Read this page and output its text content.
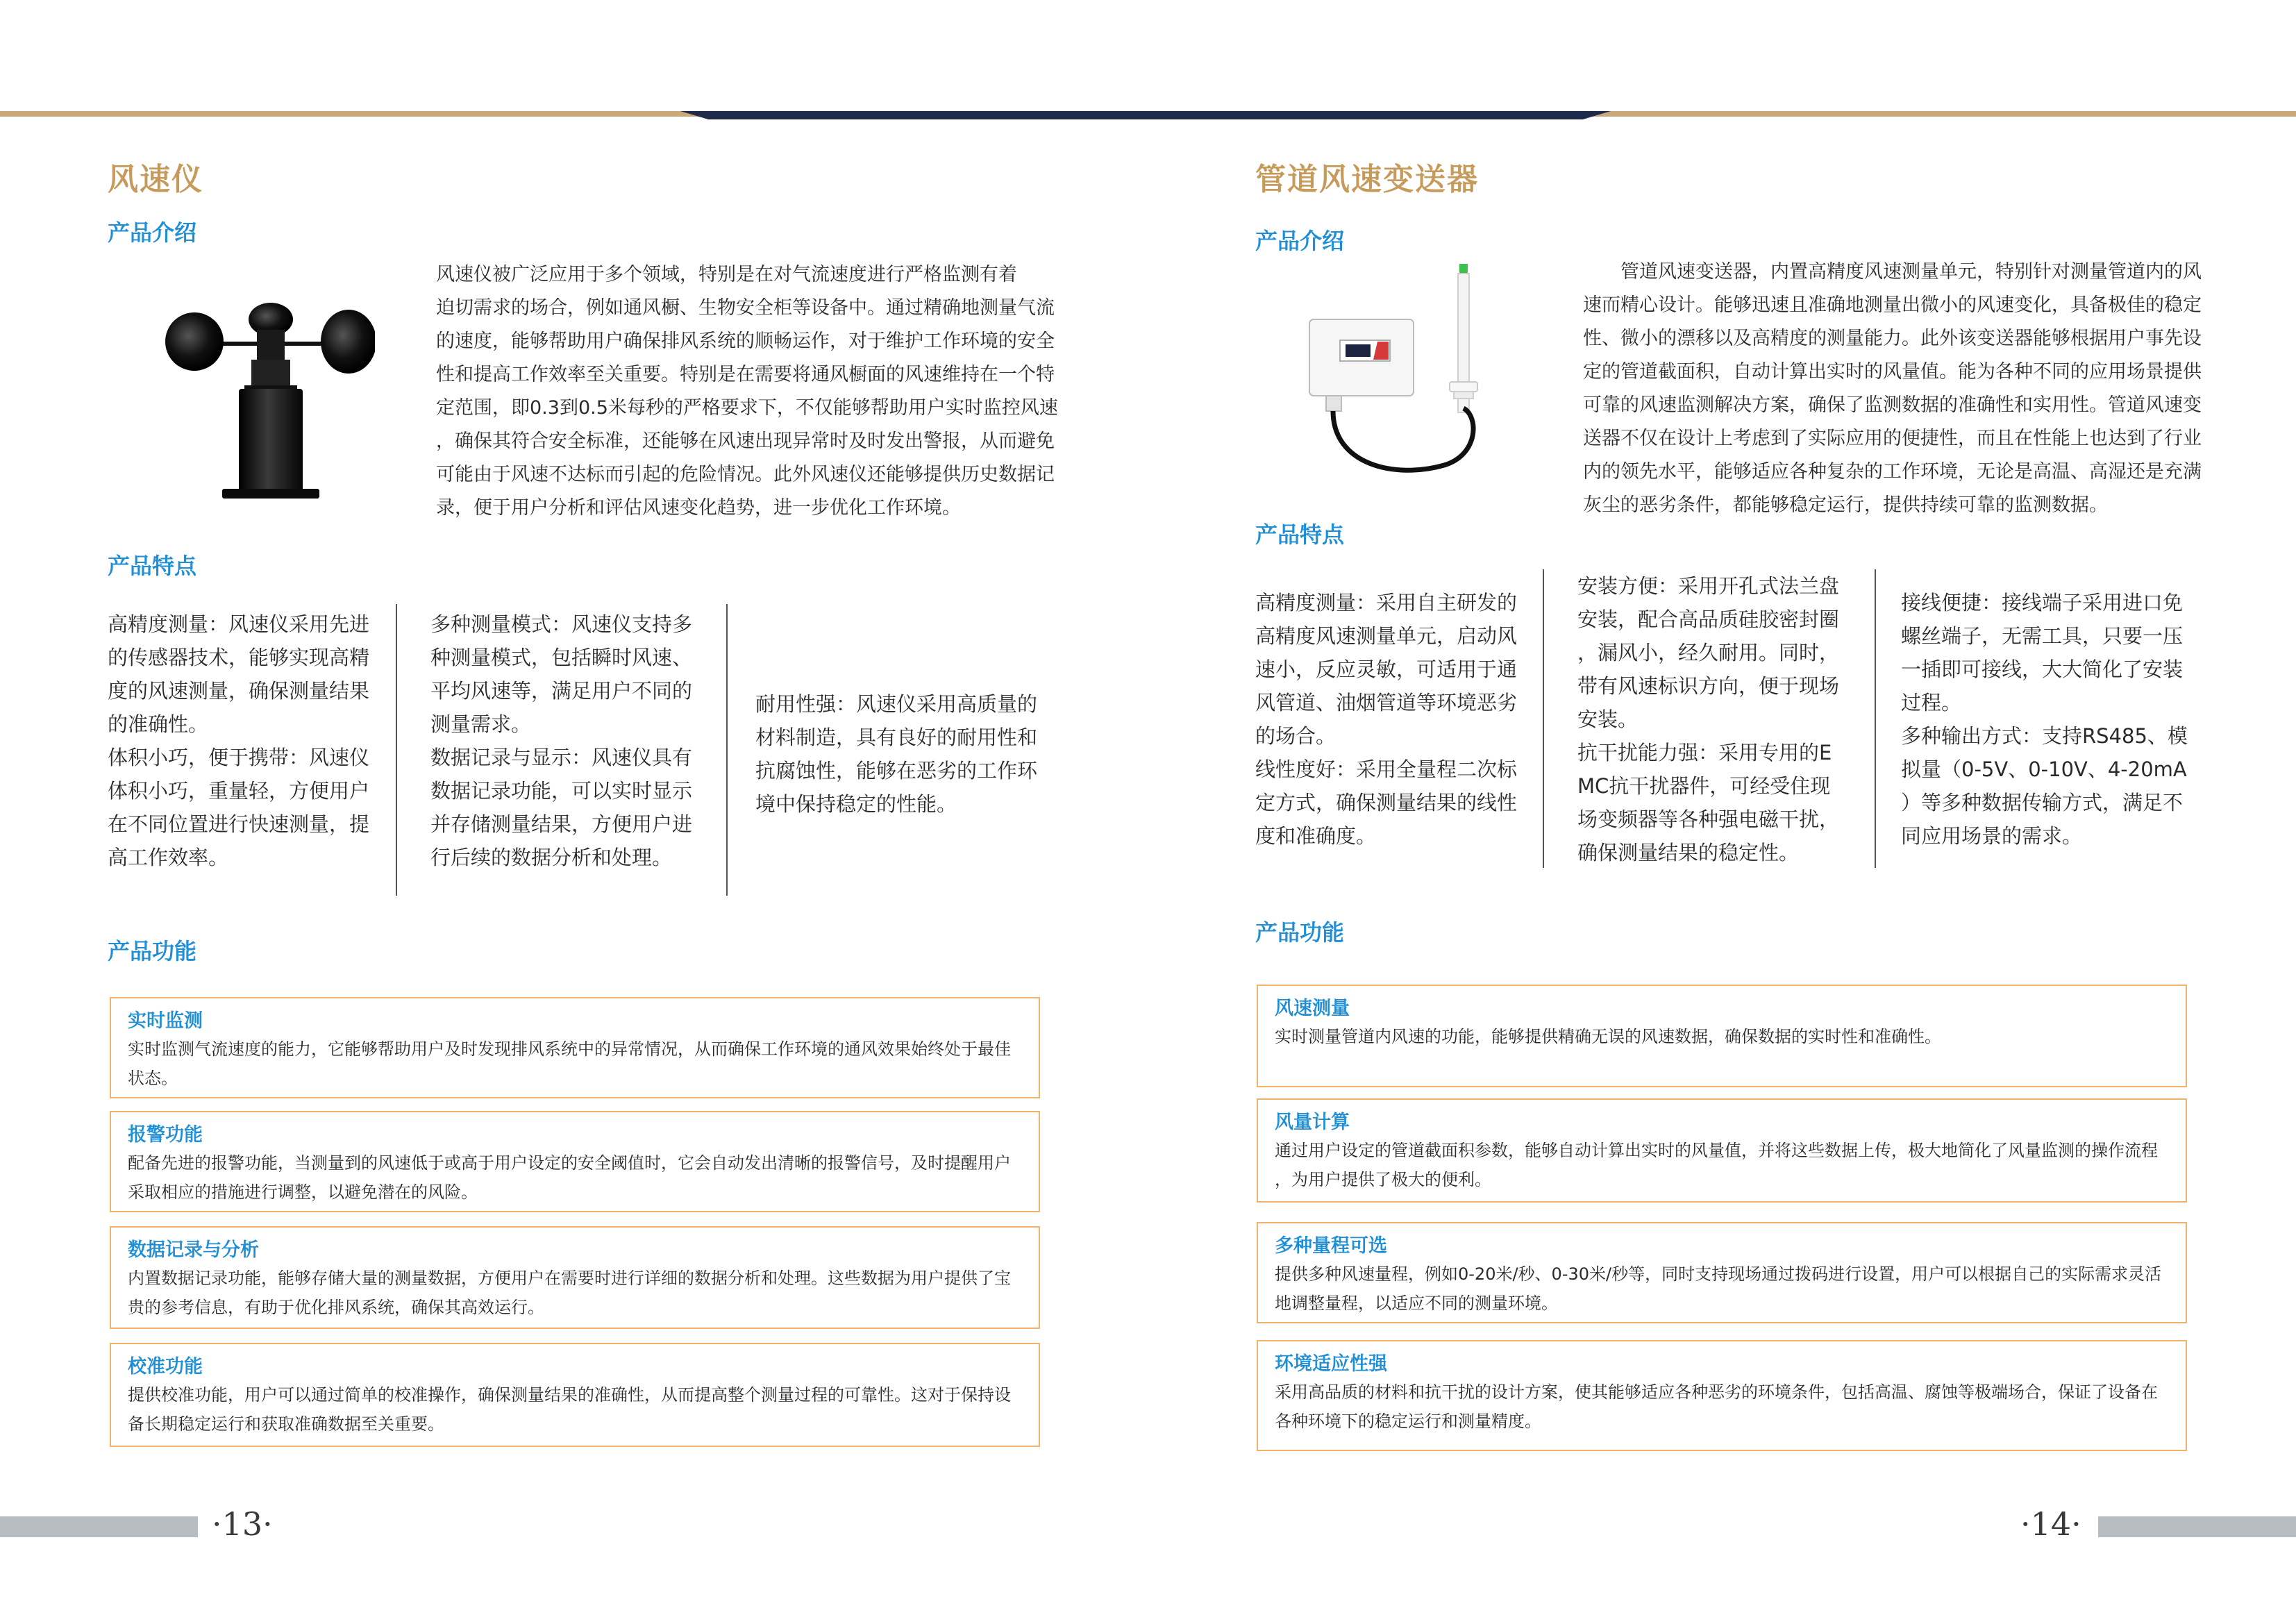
风速仪
产品介绍

风速仪被广泛应用于多个领域，特别是在对气流速度进行严格监测有着

迫切需求的场合，例如通风橱、生物安全柜等设备中。通过精确地测量气流

的速度，能够帮助用户确保排风系统的顺畅运作，对于维护工作环境的安全

性和提高工作效率至关重要。特别是在需要将通风橱面的风速维持在一个特

定范围，即0.3到0.5米每秒的严格要求下，不仅能够帮助用户实时监控风速

，确保其符合安全标准，还能够在风速出现异常时及时发出警报，从而避免

可能由于风速不达标而引起的危险情况。此外风速仪还能够提供历史数据记

录，便于用户分析和评估风速变化趋势，进一步优化工作环境。

产品特点

高精度测量：风速仪采用先进

的传感器技术，能够实现高精

度的风速测量，确保测量结果

的准确性。

体积小巧，便于携带：风速仪

体积小巧，重量轻，方便用户

在不同位置进行快速测量，提

高工作效率。

多种测量模式：风速仪支持多

种测量模式，包括瞬时风速、

平均风速等，满足用户不同的

测量需求。

数据记录与显示：风速仪具有

数据记录功能，可以实时显示

并存储测量结果，方便用户进

行后续的数据分析和处理。

耐用性强：风速仪采用高质量的

材料制造，具有良好的耐用性和

抗腐蚀性，能够在恶劣的工作环

境中保持稳定的性能。

产品功能
实时监测
实时监测气流速度的能力，它能够帮助用户及时发现排风系统中的异常情况，从而确保工作环境的通风效果始终处于最佳
状态。
报警功能
配备先进的报警功能，当测量到的风速低于或高于用户设定的安全阈值时，它会自动发出清晰的报警信号，及时提醒用户
采取相应的措施进行调整，以避免潜在的风险。
数据记录与分析
内置数据记录功能，能够存储大量的测量数据，方便用户在需要时进行详细的数据分析和处理。这些数据为用户提供了宝
贵的参考信息，有助于优化排风系统，确保其高效运行。
校准功能
提供校准功能，用户可以通过简单的校准操作，确保测量结果的准确性，从而提高整个测量过程的可靠性。这对于保持设
备长期稳定运行和获取准确数据至关重要。
·13·
管道风速变送器
产品介绍

管道风速变送器，内置高精度风速测量单元，特别针对测量管道内的风

速而精心设计。能够迅速且准确地测量出微小的风速变化，具备极佳的稳定

性、微小的漂移以及高精度的测量能力。此外该变送器能够根据用户事先设

定的管道截面积，自动计算出实时的风量值。能为各种不同的应用场景提供

可靠的风速监测解决方案，确保了监测数据的准确性和实用性。管道风速变

送器不仅在设计上考虑到了实际应用的便捷性，而且在性能上也达到了行业

内的领先水平，能够适应各种复杂的工作环境，无论是高温、高湿还是充满

灰尘的恶劣条件，都能够稳定运行，提供持续可靠的监测数据。

产品特点

高精度测量：采用自主研发的

高精度风速测量单元，启动风

速小，反应灵敏，可适用于通

风管道、油烟管道等环境恶劣

的场合。

线性度好：采用全量程二次标

定方式，确保测量结果的线性

度和准确度。

安装方便：采用开孔式法兰盘

安装，配合高品质硅胶密封圈

，漏风小，经久耐用。同时，

带有风速标识方向，便于现场

安装。

抗干扰能力强：采用专用的E

MC抗干扰器件，可经受住现

场变频器等各种强电磁干扰，

确保测量结果的稳定性。

接线便捷：接线端子采用进口免

螺丝端子，无需工具，只要一压

一插即可接线，大大简化了安装

过程。

多种输出方式：支持RS485、模

拟量（0-5V、0-10V、4-20mA

）等多种数据传输方式，满足不

同应用场景的需求。

产品功能
风速测量
实时测量管道内风速的功能，能够提供精确无误的风速数据，确保数据的实时性和准确性。
风量计算
通过用户设定的管道截面积参数，能够自动计算出实时的风量值，并将这些数据上传，极大地简化了风量监测的操作流程
，为用户提供了极大的便利。
多种量程可选
提供多种风速量程，例如0-20米/秒、0-30米/秒等，同时支持现场通过拨码进行设置，用户可以根据自己的实际需求灵活
地调整量程，以适应不同的测量环境。
环境适应性强
采用高品质的材料和抗干扰的设计方案，使其能够适应各种恶劣的环境条件，包括高温、腐蚀等极端场合，保证了设备在
各种环境下的稳定运行和测量精度。
·14·
